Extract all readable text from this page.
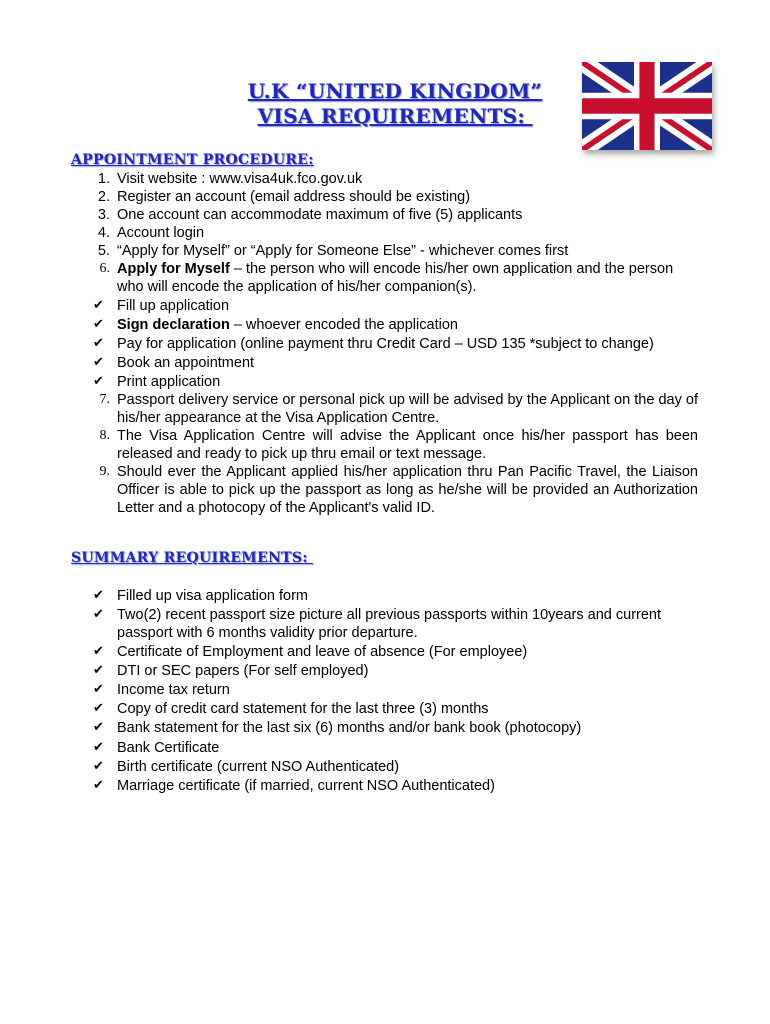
U.K “UNITED KINGDOM”
VISA REQUIREMENTS:
APPOINTMENT PROCEDURE:
1. Visit website : www.visa4uk.fco.gov.uk
2. Register an account (email address should be existing)
3. One account can accommodate maximum of five (5) applicants
4. Account login
5. “Apply for Myself” or “Apply for Someone Else” - whichever comes first
6. Apply for Myself – the person who will encode his/her own application and the person who will encode the application of his/her companion(s).
✔ Fill up application
✔ Sign declaration – whoever encoded the application
✔ Pay for application (online payment thru Credit Card – USD 135 *subject to change)
✔ Book an appointment
✔ Print application
7. Passport delivery service or personal pick up will be advised by the Applicant on the day of his/her appearance at the Visa Application Centre.
8. The Visa Application Centre will advise the Applicant once his/her passport has been released and ready to pick up thru email or text message.
9. Should ever the Applicant applied his/her application thru Pan Pacific Travel, the Liaison Officer is able to pick up the passport as long as he/she will be provided an Authorization Letter and a photocopy of the Applicant's valid ID.
SUMMARY REQUIREMENTS:
✔ Filled up visa application form
✔ Two(2) recent passport size picture all previous passports within 10years and current passport with 6 months validity prior departure.
✔ Certificate of Employment and leave of absence (For employee)
✔ DTI or SEC papers (For self employed)
✔ Income tax return
✔ Copy of credit card statement for the last three (3) months
✔ Bank statement for the last six (6) months and/or bank book (photocopy)
✔ Bank Certificate
✔ Birth certificate (current NSO Authenticated)
✔ Marriage certificate (if married, current NSO Authenticated)
